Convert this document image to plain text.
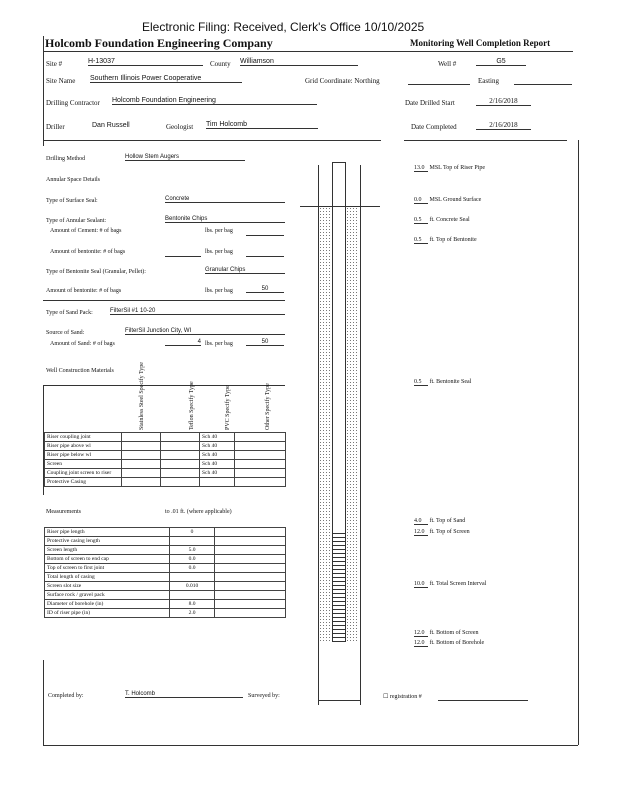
Electronic Filing: Received, Clerk's Office 10/10/2025
Holcomb Foundation Engineering Company	Monitoring Well Completion Report
Site #	H-13037	County Williamson	Well #	G5
Site Name Southern Illinois Power Cooperative	Grid Coordinate: Northing	Easting
Drilling Contractor Holcomb Foundation Engineering	Date Drilled Start	2/16/2018
Driller	Dan Russell	Geologist Tim Holcomb	Date Completed	2/16/2018
Drilling Method	Hollow Stem Augers
Annular Space Details
Type of Surface Seal:	Concrete
Type of Annular Sealant:	Bentonite Chips
Amount of Cement: # of bags	lbs. per bag
Amount of bentonite: # of bags	lbs. per bag
Type of Bentonite Seal (Granular, Pellet):	Granular Chips
Amount of bentonite: # of bags	lbs. per bag	50
Type of Sand Pack:	FilterSil #1 10-20
Source of Sand:	FilterSil Junction City, WI
Amount of Sand: # of bags	4 lbs. per bag	50
Well Construction Materials	Stainless Steel Specify Type	Teflon Specify Type	PVC Specify Type	Other Specify Type
Riser coupling joint			Sch 40	
Riser pipe above wl			Sch 40	
Riser pipe below wl			Sch 40	
Screen			Sch 40	
Coupling joint screen to riser			Sch 40	
Protective Casing				
Measurements	to .01 ft. (where applicable)
Riser pipe length	0	
Protective casing length		
Screen length	5.0	
Bottom of screen to end cap	0.0	
Top of screen to first joint	0.0	
Total length of casing		
Screen slot size	0.010	
Surface rock / gravel pack		
Diameter of borehole (in)	8.0	
ID of riser pipe (in)	2.0	
13.0 MSL Top of Riser Pipe
0.0 MSL Ground Surface
0.5 ft. Concrete Seal
0.5 ft. Top of Bentonite
0.5 ft. Bentonite Seal
4.0 ft. Top of Sand
12.0 ft. Top of Screen
10.0 ft. Total Screen Interval
12.0 ft. Bottom of Screen
12.0 ft. Bottom of Borehole
Completed by:	T. Holcomb	Surveyed by:	☐ registration #
